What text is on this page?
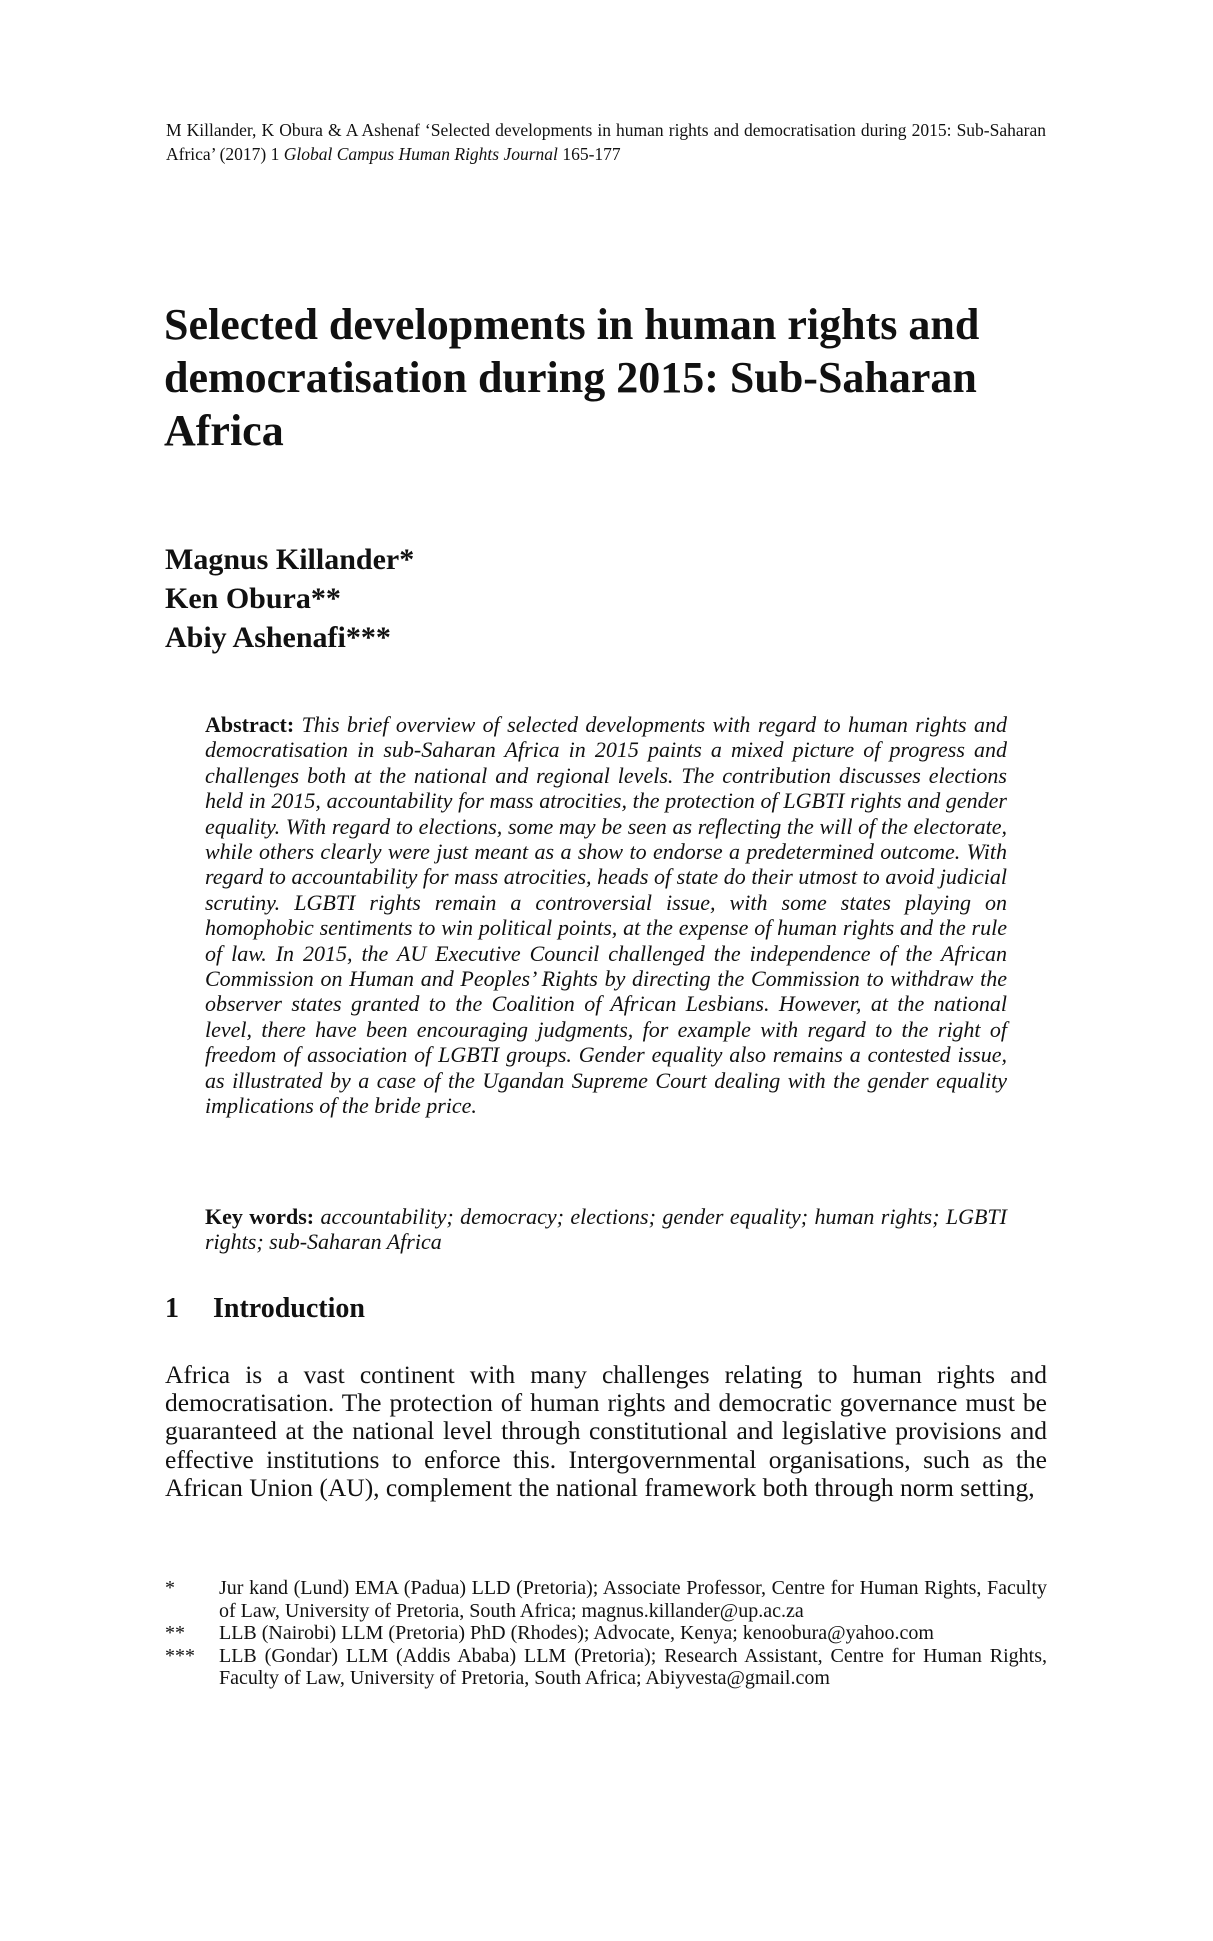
M Killander, K Obura & A Ashenaf ‘Selected developments in human rights and democratisation during 2015: Sub-Saharan Africa’ (2017) 1 Global Campus Human Rights Journal 165-177
Selected developments in human rights and democratisation during 2015: Sub-Saharan Africa
Magnus Killander*
Ken Obura**
Abiy Ashenafi***
Abstract: This brief overview of selected developments with regard to human rights and democratisation in sub-Saharan Africa in 2015 paints a mixed picture of progress and challenges both at the national and regional levels. The contribution discusses elections held in 2015, accountability for mass atrocities, the protection of LGBTI rights and gender equality. With regard to elections, some may be seen as reflecting the will of the electorate, while others clearly were just meant as a show to endorse a predetermined outcome. With regard to accountability for mass atrocities, heads of state do their utmost to avoid judicial scrutiny. LGBTI rights remain a controversial issue, with some states playing on homophobic sentiments to win political points, at the expense of human rights and the rule of law. In 2015, the AU Executive Council challenged the independence of the African Commission on Human and Peoples’ Rights by directing the Commission to withdraw the observer states granted to the Coalition of African Lesbians. However, at the national level, there have been encouraging judgments, for example with regard to the right of freedom of association of LGBTI groups. Gender equality also remains a contested issue, as illustrated by a case of the Ugandan Supreme Court dealing with the gender equality implications of the bride price.
Key words: accountability; democracy; elections; gender equality; human rights; LGBTI rights; sub-Saharan Africa
1 Introduction

Africa is a vast continent with many challenges relating to human rights and democratisation. The protection of human rights and democratic governance must be guaranteed at the national level through constitutional and legislative provisions and effective institutions to enforce this. Intergovernmental organisations, such as the African Union (AU), complement the national framework both through norm setting,

*	Jur kand (Lund) EMA (Padua) LLD (Pretoria); Associate Professor, Centre for Human Rights, Faculty of Law, University of Pretoria, South Africa; magnus.killander@up.ac.za
**	LLB (Nairobi) LLM (Pretoria) PhD (Rhodes); Advocate, Kenya; kenoobura@yahoo.com
***	LLB (Gondar) LLM (Addis Ababa) LLM (Pretoria); Research Assistant, Centre for Human Rights, Faculty of Law, University of Pretoria, South Africa; Abiyvesta@gmail.com
